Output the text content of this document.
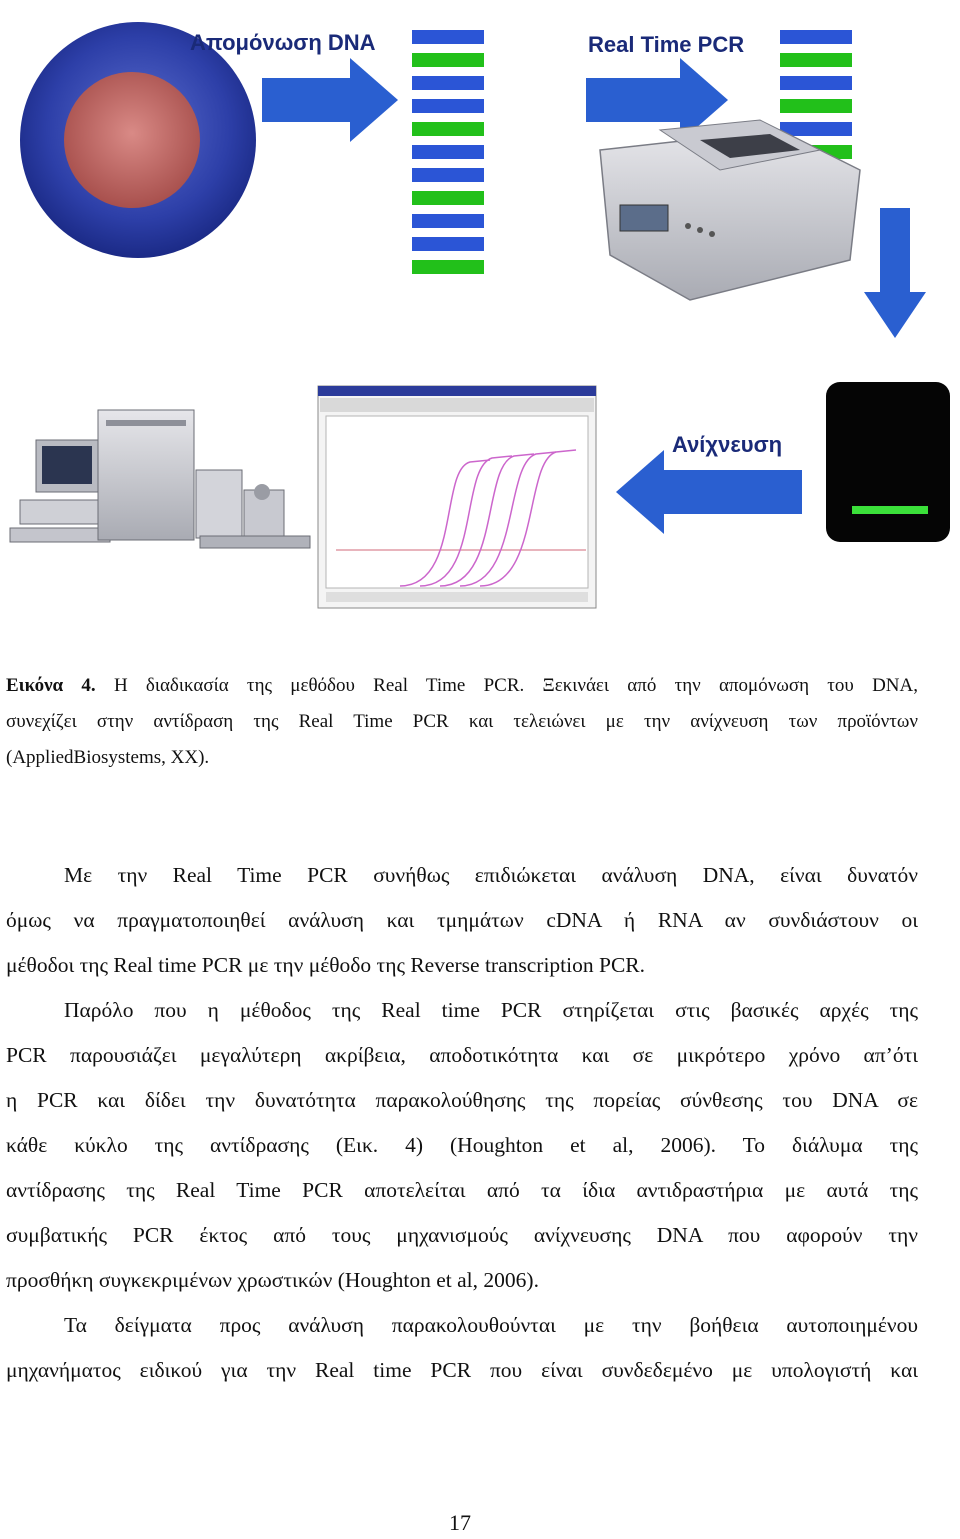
Απομόνωση DNA	Real Time PCR
Ανίχνευση
Εικόνα 4. Η διαδικασία της μεθόδου Real Time PCR. Ξεκινάει από την απομόνωση του DNA,
συνεχίζει στην αντίδραση της Real Time PCR και τελειώνει με την ανίχνευση των προϊόντων
(AppliedBiosystems, XX).
Με την Real Time PCR συνήθως επιδιώκεται ανάλυση DNA, είναι δυνατόν
όμως να πραγματοποιηθεί ανάλυση και τμημάτων cDNA ή RNA αν συνδιάστουν οι
μέθοδοι της Real time PCR με την μέθοδο της Reverse transcription PCR.
Παρόλο που η μέθοδος της Real time PCR στηρίζεται στις βασικές αρχές της
PCR παρουσιάζει μεγαλύτερη ακρίβεια, αποδοτικότητα και σε μικρότερο χρόνο απ’ότι
η PCR και δίδει την δυνατότητα παρακολούθησης της πορείας σύνθεσης του DNA σε
κάθε κύκλο της αντίδρασης (Εικ. 4) (Houghton et al, 2006). Το διάλυμα της
αντίδρασης της Real Time PCR αποτελείται από τα ίδια αντιδραστήρια με αυτά της
συμβατικής PCR έκτος από τους μηχανισμούς ανίχνευσης DNA που αφορούν την
προσθήκη συγκεκριμένων χρωστικών (Houghton et al, 2006).
Τα δείγματα προς ανάλυση παρακολουθούνται με την βοήθεια αυτοποιημένου
μηχανήματος ειδικού για την Real time PCR που είναι συνδεδεμένο με υπολογιστή και
17
